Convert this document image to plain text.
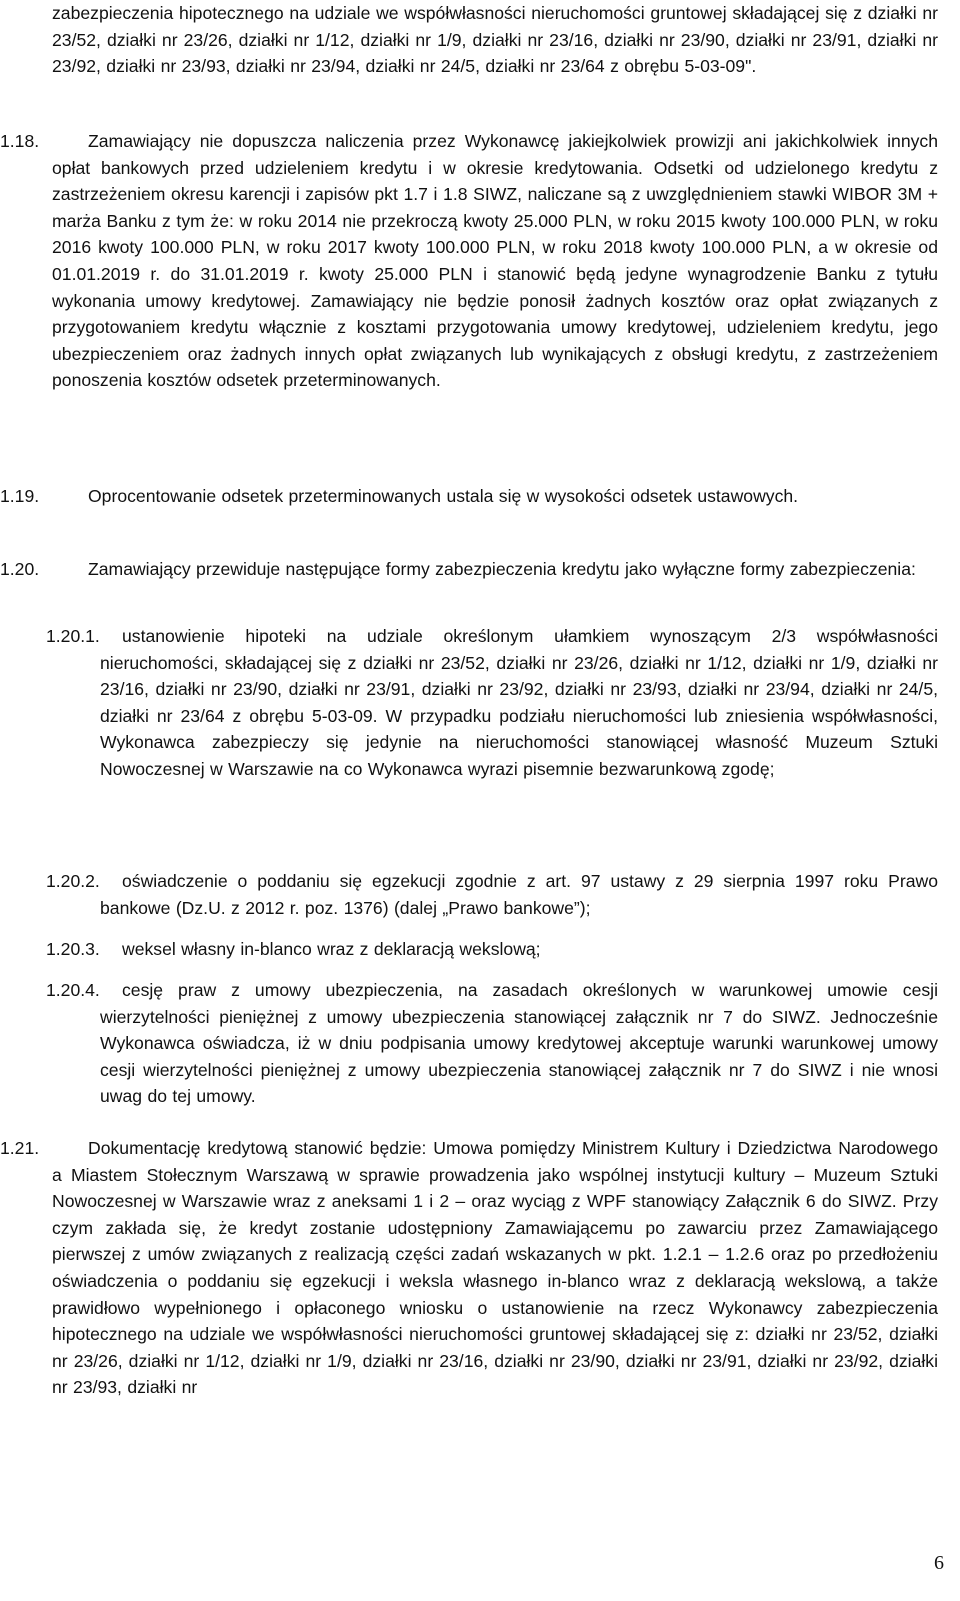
zabezpieczenia hipotecznego na udziale we współwłasności nieruchomości gruntowej składającej się z działki nr 23/52, działki nr 23/26, działki nr 1/12, działki nr 1/9, działki nr 23/16, działki nr 23/90, działki nr 23/91, działki nr 23/92, działki nr 23/93, działki nr 23/94, działki nr 24/5, działki nr 23/64 z obrębu 5-03-09".
1.18.	Zamawiający nie dopuszcza naliczenia przez Wykonawcę jakiejkolwiek prowizji ani jakichkolwiek innych opłat bankowych przed udzieleniem kredytu i w okresie kredytowania. Odsetki od udzielonego kredytu z zastrzeżeniem okresu karencji i zapisów pkt 1.7 i 1.8 SIWZ, naliczane są z uwzględnieniem stawki WIBOR 3M + marża Banku z tym że: w roku 2014 nie przekroczą kwoty 25.000 PLN, w roku 2015 kwoty 100.000 PLN, w roku 2016 kwoty 100.000 PLN, w roku 2017 kwoty 100.000 PLN, w roku 2018 kwoty 100.000 PLN, a w okresie od 01.01.2019 r. do 31.01.2019 r. kwoty 25.000 PLN i stanowić będą jedyne wynagrodzenie Banku z tytułu wykonania umowy kredytowej. Zamawiający nie będzie ponosił żadnych kosztów oraz opłat związanych z przygotowaniem kredytu włącznie z kosztami przygotowania umowy kredytowej, udzieleniem kredytu, jego ubezpieczeniem oraz żadnych innych opłat związanych lub wynikających z obsługi kredytu, z zastrzeżeniem ponoszenia kosztów odsetek przeterminowanych.
1.19.	Oprocentowanie odsetek przeterminowanych ustala się w wysokości odsetek ustawowych.
1.20.	Zamawiający przewiduje następujące formy zabezpieczenia kredytu jako wyłączne formy zabezpieczenia:
1.20.1.	ustanowienie hipoteki na udziale określonym ułamkiem wynoszącym 2/3 współwłasności nieruchomości, składającej się z działki nr 23/52, działki nr 23/26, działki nr 1/12, działki nr 1/9, działki nr 23/16, działki nr 23/90, działki nr 23/91, działki nr 23/92, działki nr 23/93, działki nr 23/94, działki nr 24/5, działki nr 23/64 z obrębu 5-03-09. W przypadku podziału nieruchomości lub zniesienia współwłasności, Wykonawca zabezpieczy się jedynie na nieruchomości stanowiącej własność Muzeum Sztuki Nowoczesnej w Warszawie na co Wykonawca wyrazi pisemnie bezwarunkową zgodę;
1.20.2.	oświadczenie o poddaniu się egzekucji zgodnie z art. 97 ustawy z 29 sierpnia 1997 roku Prawo bankowe (Dz.U. z 2012 r. poz. 1376) (dalej „Prawo bankowe”);
1.20.3.	weksel własny in-blanco wraz z deklaracją wekslową;
1.20.4.	cesję praw z umowy ubezpieczenia, na zasadach określonych w warunkowej umowie cesji wierzytelności pieniężnej z umowy ubezpieczenia stanowiącej załącznik nr 7 do SIWZ. Jednocześnie Wykonawca oświadcza, iż w dniu podpisania umowy kredytowej akceptuje warunki warunkowej umowy cesji wierzytelności pieniężnej z umowy ubezpieczenia stanowiącej załącznik nr 7 do SIWZ i nie wnosi uwag do tej umowy.
1.21.	Dokumentację kredytową stanowić będzie: Umowa pomiędzy Ministrem Kultury i Dziedzictwa Narodowego a Miastem Stołecznym Warszawą w sprawie prowadzenia jako wspólnej instytucji kultury – Muzeum Sztuki Nowoczesnej w Warszawie wraz z aneksami 1 i 2 – oraz wyciąg z WPF stanowiący Załącznik 6 do SIWZ. Przy czym zakłada się, że kredyt zostanie udostępniony Zamawiającemu po zawarciu przez Zamawiającego pierwszej z umów związanych z realizacją części zadań wskazanych w pkt. 1.2.1 – 1.2.6 oraz po przedłożeniu oświadczenia o poddaniu się egzekucji i weksla własnego in-blanco wraz z deklaracją wekslową, a także prawidłowo wypełnionego i opłaconego wniosku o ustanowienie na rzecz Wykonawcy zabezpieczenia hipotecznego na udziale we współwłasności nieruchomości gruntowej składającej się z: działki nr 23/52, działki nr 23/26, działki nr 1/12, działki nr 1/9, działki nr 23/16, działki nr 23/90, działki nr 23/91, działki nr 23/92, działki nr 23/93, działki nr
6
